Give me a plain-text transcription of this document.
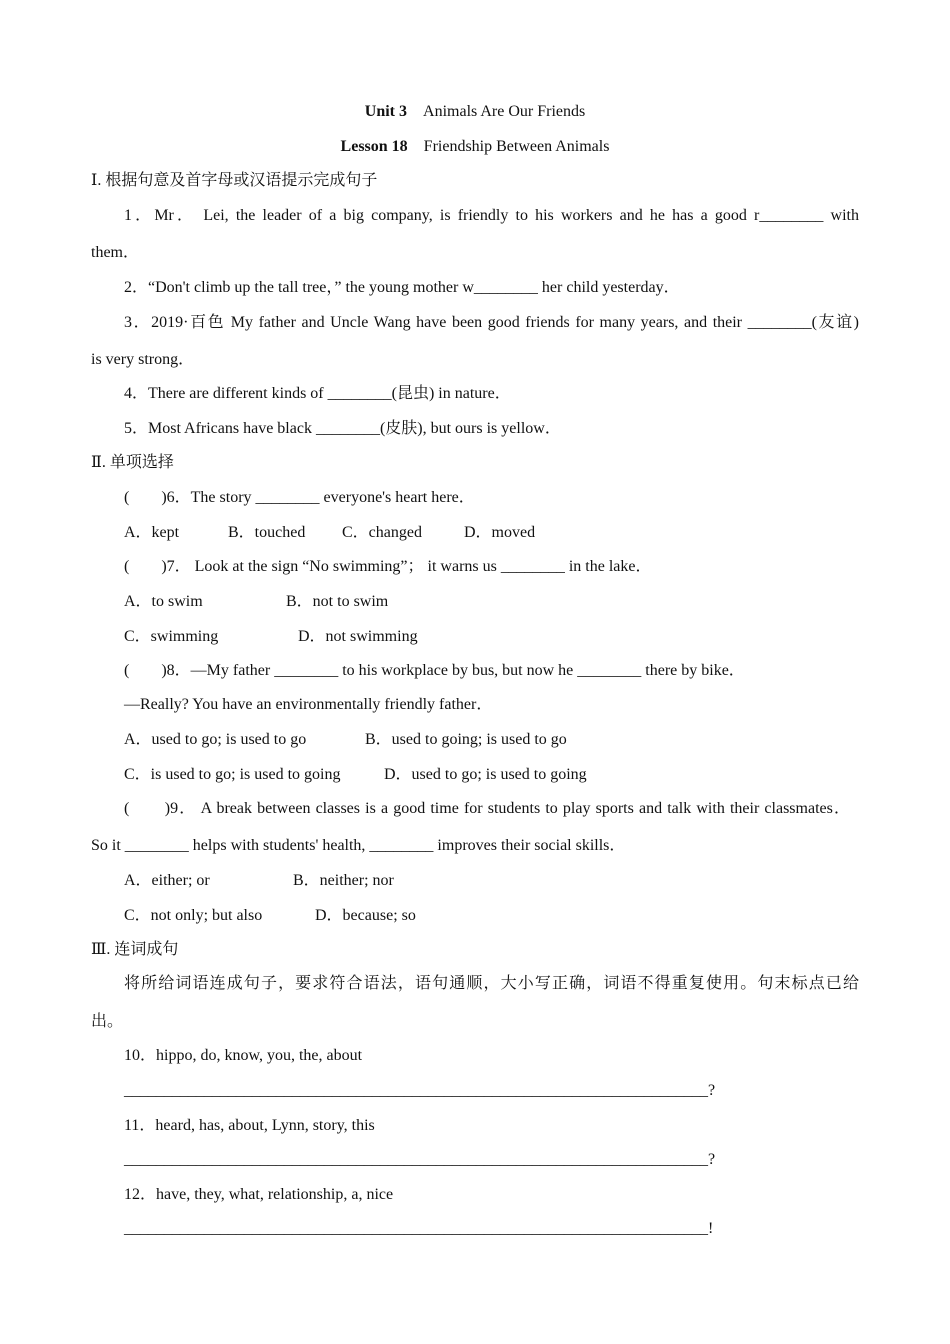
Unit 3 Animals Are Our Friends
Lesson 18 Friendship Between Animals
Ⅰ. 根据句意及首字母或汉语提示完成句子
1．Mr． Lei, the leader of a big company, is friendly to his workers and he has a good r________ with
them．
2．“Don't climb up the tall tree，” the young mother w________ her child yesterday．
3．2019·百色 My father and Uncle Wang have been good friends for many years, and their ________(友谊)
is very strong．
4．There are different kinds of ________(昆虫) in nature．
5．Most Africans have black ________(皮肤), but ours is yellow．
Ⅱ. 单项选择
(　　)6．The story ________ everyone's heart here．
A．kept	B．touched C．changed	D．moved
(　　)7． Look at the sign “No swimming”； it warns us ________ in the lake．
A．to swim	B．not to swim
C．swimming	D．not swimming
(　　)8．—My father ________ to his workplace by bus, but now he ________ there by bike．
—Really? You have an environmentally friendly father．
A．used to go; is used to go	B．used to going; is used to go
C．is used to go; is used to going	D．used to go; is used to going
(　　)9． A break between classes is a good time for students to play sports and talk with their classmates．
So it ________ helps with students' health, ________ improves their social skills．
A．either; or	B．neither; nor
C．not only; but also	D．because; so
Ⅲ. 连词成句
将所给词语连成句子，要求符合语法，语句通顺，大小写正确，词语不得重复使用。句末标点已给
出。
10．hippo, do, know, you, the, about
_________________________________________________________________________?
11．heard, has, about, Lynn, story, this
_________________________________________________________________________?
12．have, they, what, relationship, a, nice
_________________________________________________________________________!
